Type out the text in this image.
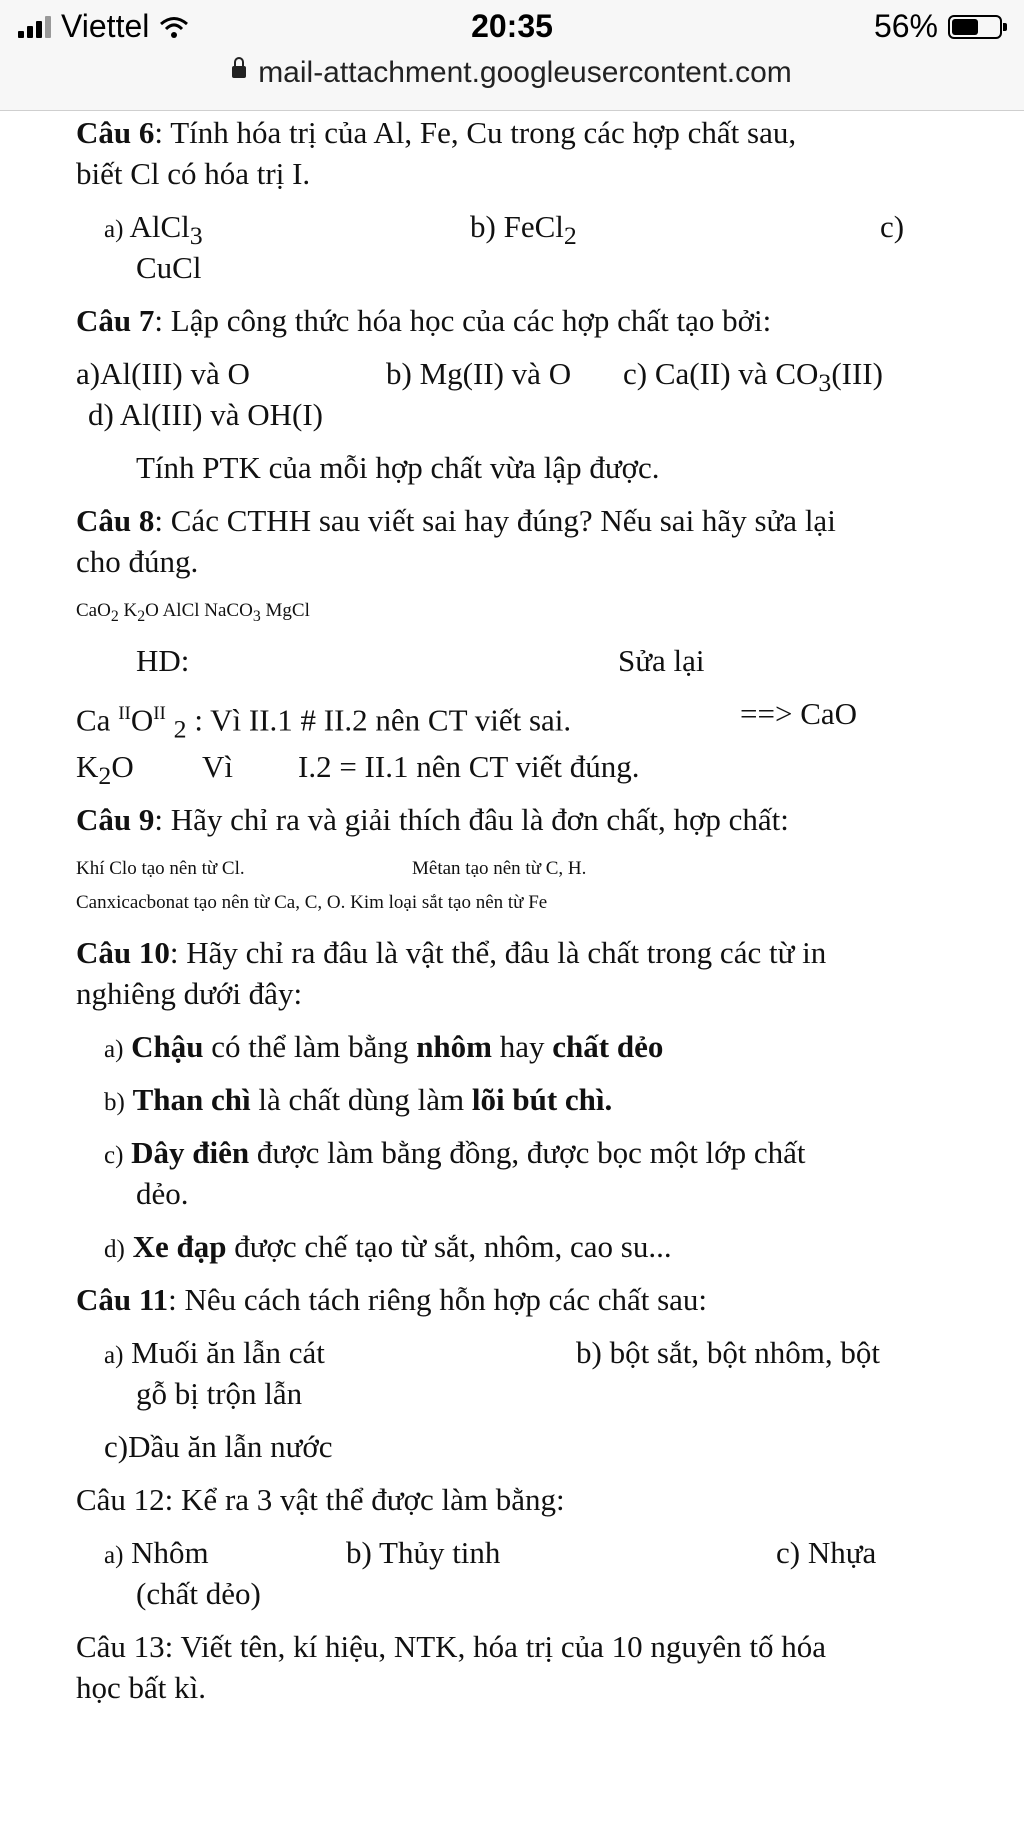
Viettel	20:35	56%
mail-attachment.googleusercontent.com
Câu 6: Tính hóa trị của Al, Fe, Cu trong các hợp chất sau,
biết Cl có hóa trị I.
a) AlCl$_3$	b) FeCl$_2$	c)
CuCl
Câu 7: Lập công thức hóa học của các hợp chất tạo bởi:
a)Al(III) và O	b) Mg(II) và O c) Ca(II) và $CO_3(III)$
d) Al(III) và OH(I)
Tính PTK của mỗi hợp chất vừa lập được.
Câu 8: Các CTHH sau viết sai hay đúng? Nếu sai hãy sửa lại
cho đúng.
CaO$_2$ $K_2O$ AlCl NaCO$_3$ MgCl
HD:	Sửa lại
Ca $^{II}O^{II}$ $_2$ : Vì II.1 # II.2 nên CT viết sai.	==> CaO
$K_2O$ Vì I.2 = II.1 nên CT viết đúng.
Câu 9: Hãy chỉ ra và giải thích đâu là đơn chất, hợp chất:
Khí Clo tạo nên từ Cl.	Mêtan tạo nên từ C, H.
Canxicacbonat tạo nên từ Ca, C, O. Kim loại sắt tạo nên từ Fe
Câu 10: Hãy chỉ ra đâu là vật thể, đâu là chất trong các từ in
nghiêng dưới đây:
a) Chậu có thể làm bằng nhôm hay chất dẻo
b) Than chì là chất dùng làm lõi bút chì.
c) Dây điên được làm bằng đồng, được bọc một lớp chất
dẻo.
d) Xe đạp được chế tạo từ sắt, nhôm, cao su...
Câu 11: Nêu cách tách riêng hỗn hợp các chất sau:
a) Muối ăn lẫn cát	b) bột sắt, bột nhôm, bột
gỗ bị trộn lẫn
c)Dầu ăn lẫn nước
Câu 12: Kể ra 3 vật thể được làm bằng:
a) Nhôm	b) Thủy tinh	c) Nhựa
(chất dẻo)
Câu 13: Viết tên, kí hiệu, NTK, hóa trị của 10 nguyên tố hóa
học bất kì.
